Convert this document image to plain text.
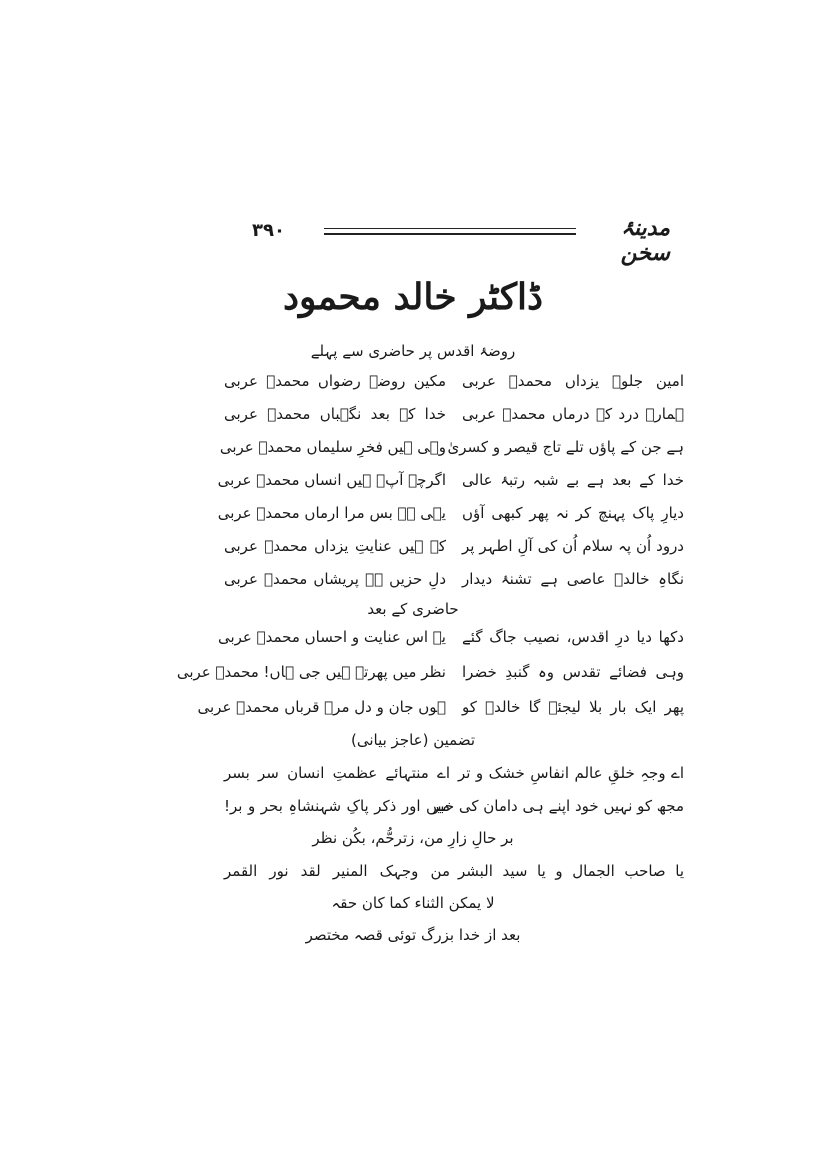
مدینۂ سخن
۳۹۰
ڈاکٹر خالد محمود
روضۂ اقدس پر حاضری سے پہلے
امین جلوۂ یزداں محمدؐ عربی
مکین روضۂ رضواں محمدؐ عربی
ہمارے درد کے درماں محمدؐ عربی
خدا کے بعد نگہباں محمدؐ عربی
ہے جن کے پاؤں تلے تاج قیصر و کسریٰ
وہی ہیں فخرِ سلیماں محمدؐ عربی
خدا کے بعد ہے بے شبہ رتبۂ عالی
اگرچہ آپؐ ہیں انساں محمدؐ عربی
دیارِ پاک پہنچ کر نہ پھر کبھی آؤں
یہی ہے بس مرا ارماں محمدؐ عربی
درود اُن پہ سلام اُن کی آلِ اطہر پر
کہ ہیں عنایتِ یزداں محمدؐ عربی
نگاہِ خالدؔ عاصی ہے تشنۂ دیدار
دلِ حزیں ہے پریشاں محمدؐ عربی
حاضری کے بعد
دکھا دیا درِ اقدس، نصیب جاگ گئے
یہ اس عنایت و احساں محمدؐ عربی
وہی فضائے تقدس وہ گنبدِ خضرا
نظر میں پھرتے ہیں جی ہاں! محمدؐ عربی
پھر ایک بار بلا لیجئے گا خالدؔ کو
ہوں جان و دل مرے قرباں محمدؐ عربی
تضمین (عاجز بیانی)
اے وجہِ خلقِ عالم انفاسِ خشک و تر
اے منتہائے عظمتِ انسان سر بسر
مجھ کو نہیں خود اپنے ہی دامان کی خبر
میں اور ذکر پاکِ شہنشاہِ بحر و بر!
بر حالِ زارِ من، زترحُّم، بکُن نظر
یا صاحب الجمال و یا سید البشر
من وجہک المنیر لقد نور القمر
لا یمکن الثناء کما کان حقہ
بعد از خدا بزرگ توئی قصہ مختصر
